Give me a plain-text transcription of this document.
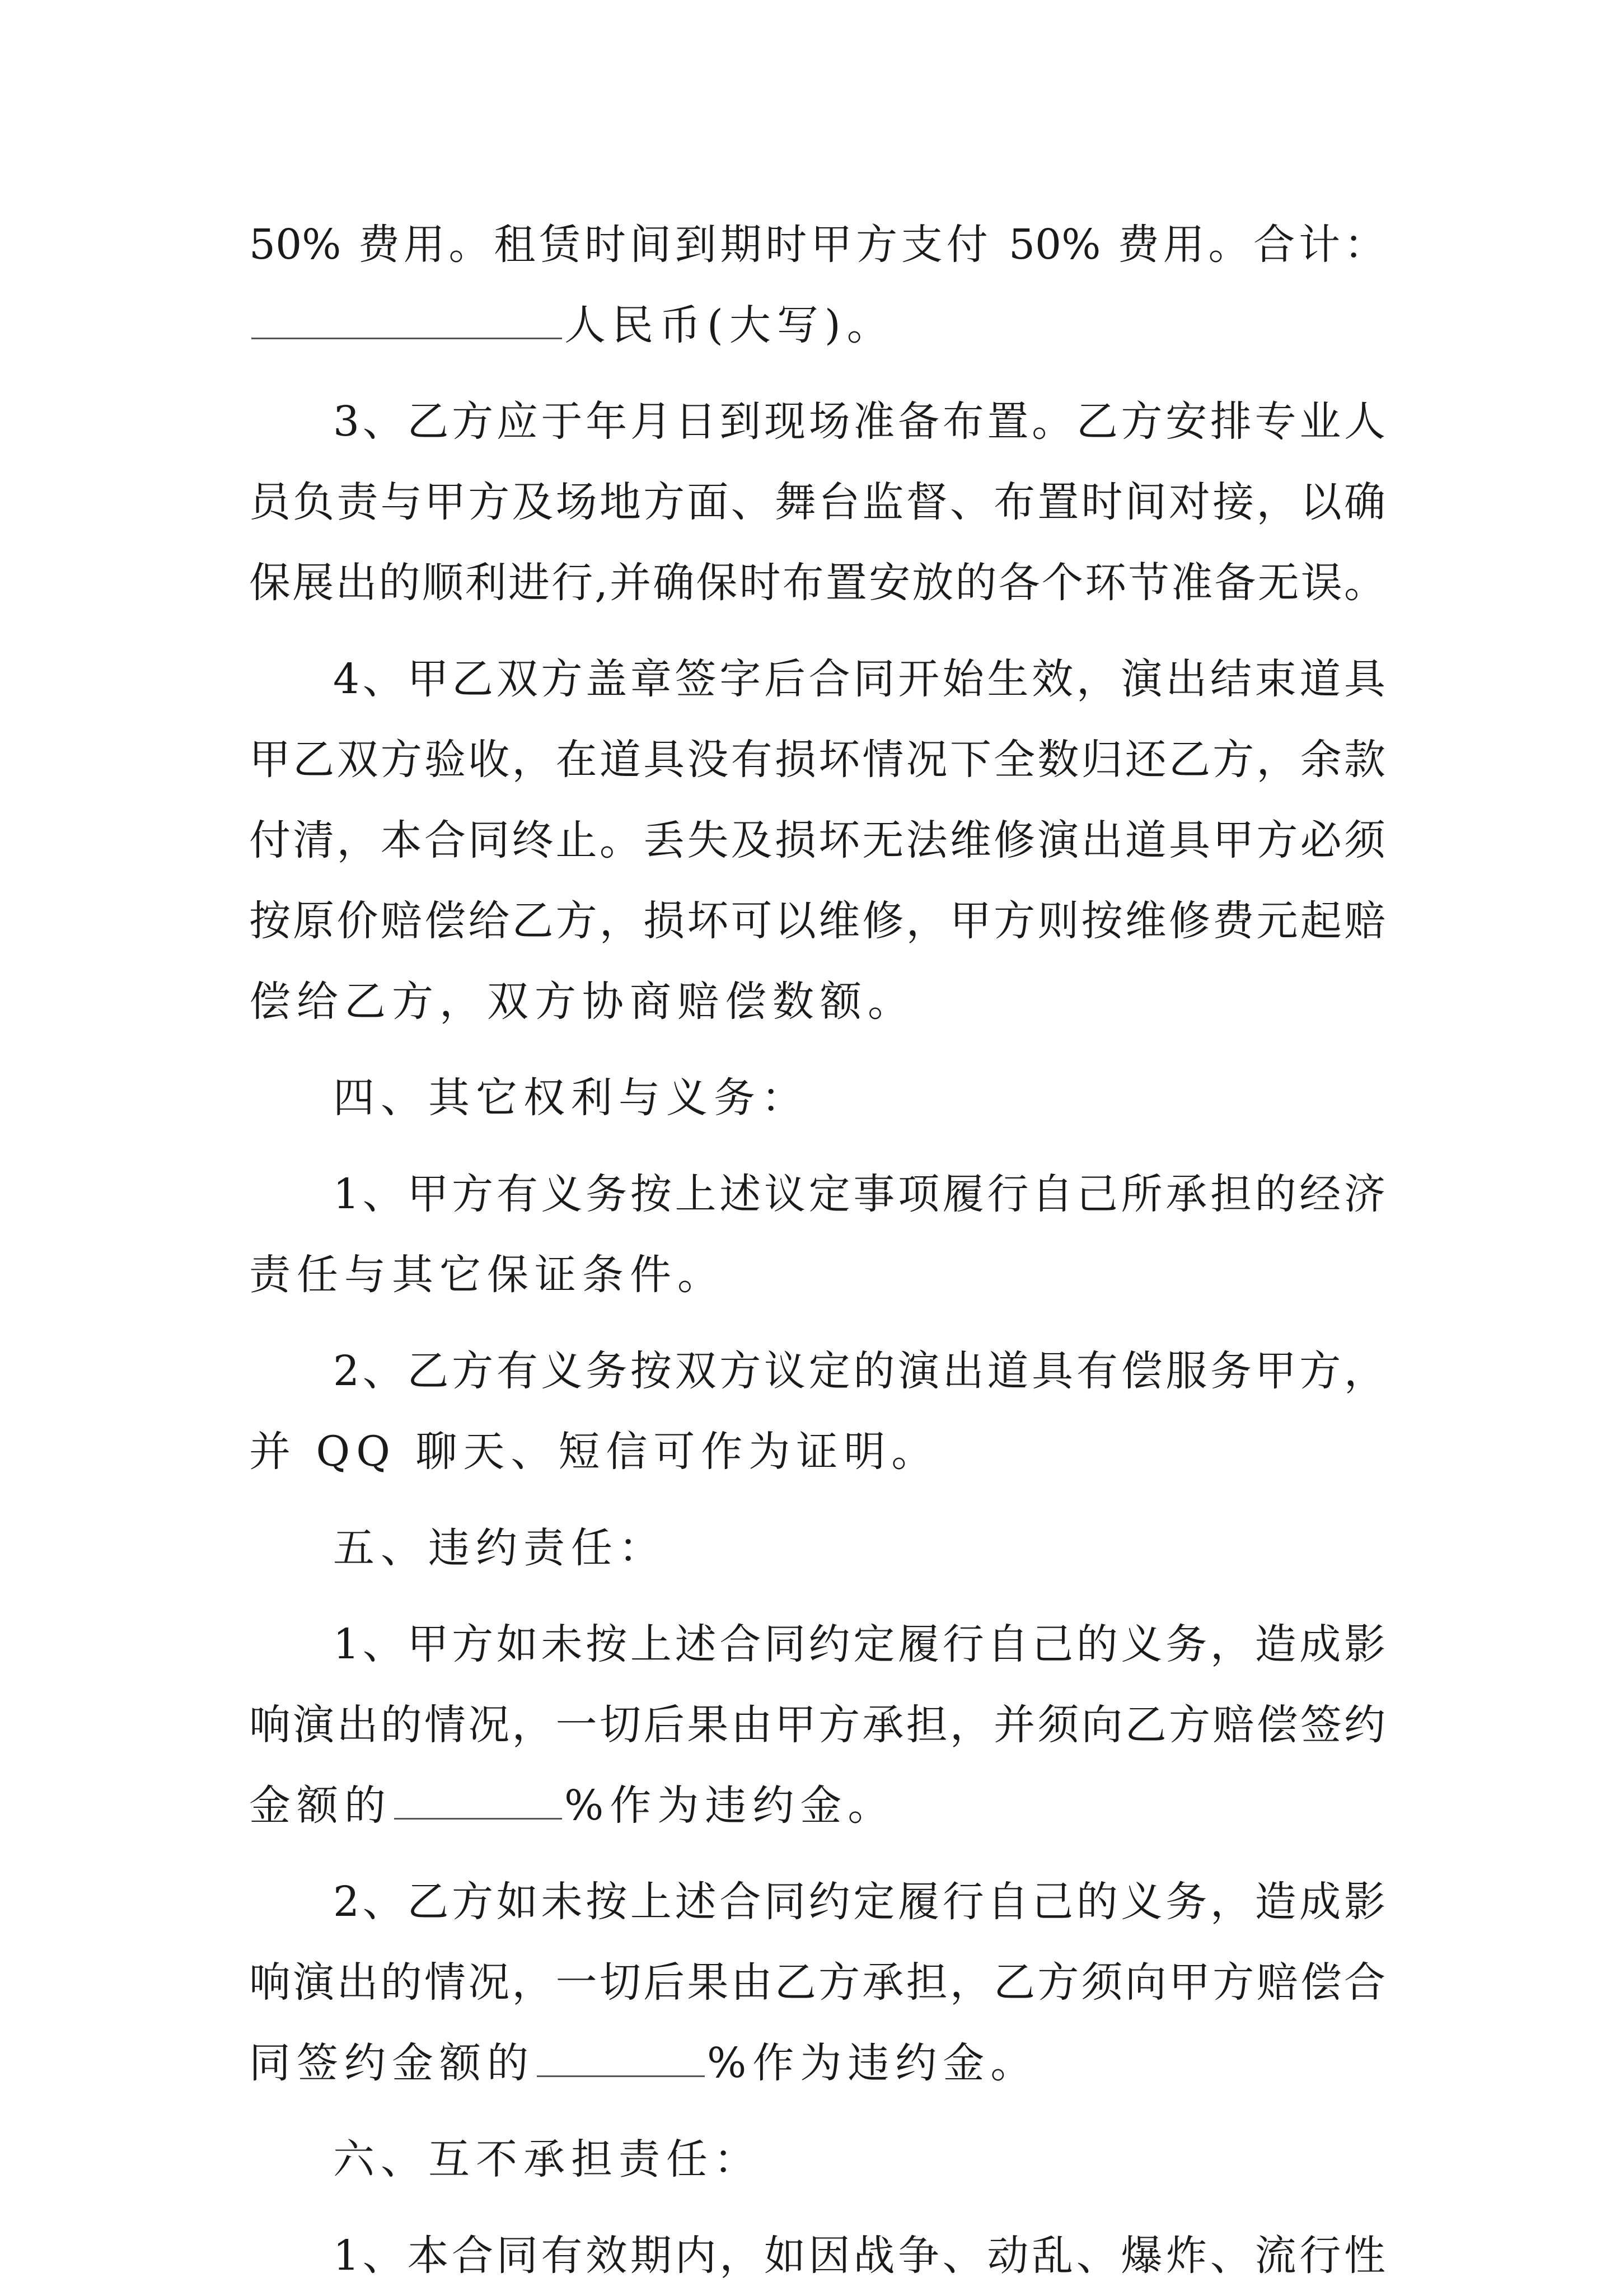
50% 费用。租赁时间到期时甲方支付 50% 费用。合计：
人民币(大写)。
3、乙方应于年月日到现场准备布置。乙方安排专业人
员负责与甲方及场地方面、舞台监督、布置时间对接，以确
保展出的顺利进行,并确保时布置安放的各个环节准备无误。
4、甲乙双方盖章签字后合同开始生效，演出结束道具
甲乙双方验收，在道具没有损坏情况下全数归还乙方，余款
付清，本合同终止。丢失及损坏无法维修演出道具甲方必须
按原价赔偿给乙方，损坏可以维修，甲方则按维修费元起赔
偿给乙方，双方协商赔偿数额。
四、其它权利与义务：
1、甲方有义务按上述议定事项履行自己所承担的经济
责任与其它保证条件。
2、乙方有义务按双方议定的演出道具有偿服务甲方，
并 QQ 聊天、短信可作为证明。
五、违约责任：
1、甲方如未按上述合同约定履行自己的义务，造成影
响演出的情况，一切后果由甲方承担，并须向乙方赔偿签约
金额的	%作为违约金。
2、乙方如未按上述合同约定履行自己的义务，造成影
响演出的情况，一切后果由乙方承担，乙方须向甲方赔偿合
同签约金额的	%作为违约金。
六、互不承担责任：
1、本合同有效期内，如因战争、动乱、爆炸、流行性
